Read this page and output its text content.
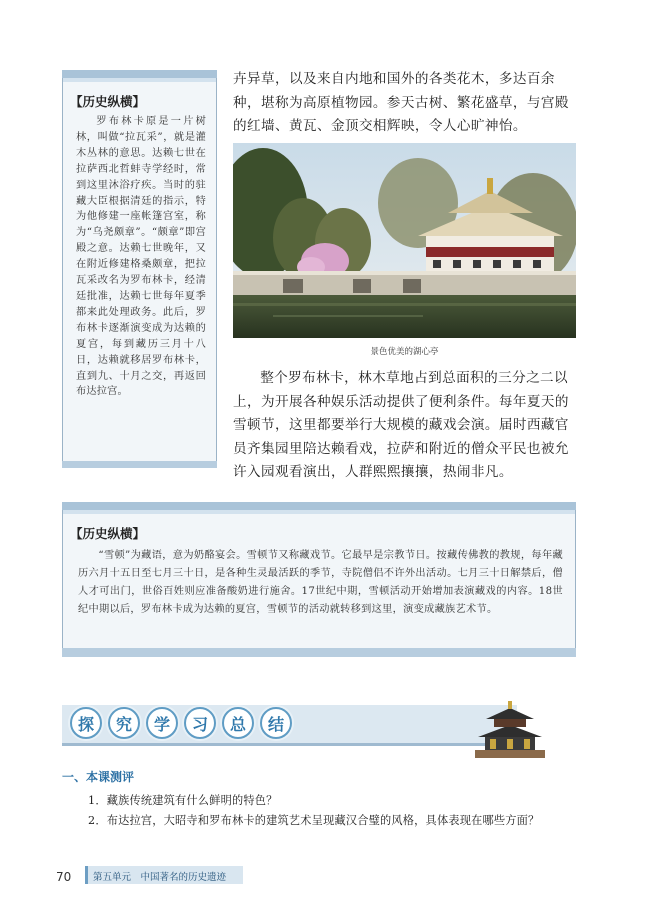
【历史纵横】
罗布林卡原是一片树林，叫做“拉瓦采”，就是灌木丛林的意思。达赖七世在拉萨西北哲蚌寺学经时，常到这里沐浴疗疾。当时的驻藏大臣根据清廷的指示，特为他修建一座帐篷宫室，称为“乌尧颇章”。“颇章”即宫殿之意。达赖七世晚年，又在附近修建格桑颇章，把拉瓦采改名为罗布林卡，经清廷批准，达赖七世每年夏季都来此处理政务。此后，罗布林卡逐渐演变成为达赖的夏宫，每到藏历三月十八日，达赖就移居罗布林卡，直到九、十月之交，再返回布达拉宫。
卉异草，以及来自内地和国外的各类花木，多达百余种，堪称为高原植物园。参天古树、繁花盛草，与宫殿的红墙、黄瓦、金顶交相辉映，令人心旷神怡。
景色优美的湖心亭
整个罗布林卡，林木草地占到总面积的三分之二以上，为开展各种娱乐活动提供了便利条件。每年夏天的雪顿节，这里都要举行大规模的藏戏会演。届时西藏官员齐集园里陪达赖看戏，拉萨和附近的僧众平民也被允许入园观看演出，人群熙熙攘攘，热闹非凡。
【历史纵横】
“雪顿”为藏语，意为奶酪宴会。雪顿节又称藏戏节。它最早是宗教节日。按藏传佛教的教规，每年藏历六月十五日至七月三十日，是各种生灵最活跃的季节，寺院僧侣不许外出活动。七月三十日解禁后，僧人才可出门，世俗百姓则应准备酸奶进行施舍。17世纪中期，雪顿活动开始增加表演藏戏的内容。18世纪中期以后，罗布林卡成为达赖的夏宫，雪顿节的活动就转移到这里，演变成藏族艺术节。
探	究	学	习	总	结
一、本课测评
1．藏族传统建筑有什么鲜明的特色？
2．布达拉宫，大昭寺和罗布林卡的建筑艺术呈现藏汉合璧的风格，具体表现在哪些方面？
70 第五单元　中国著名的历史遗迹
